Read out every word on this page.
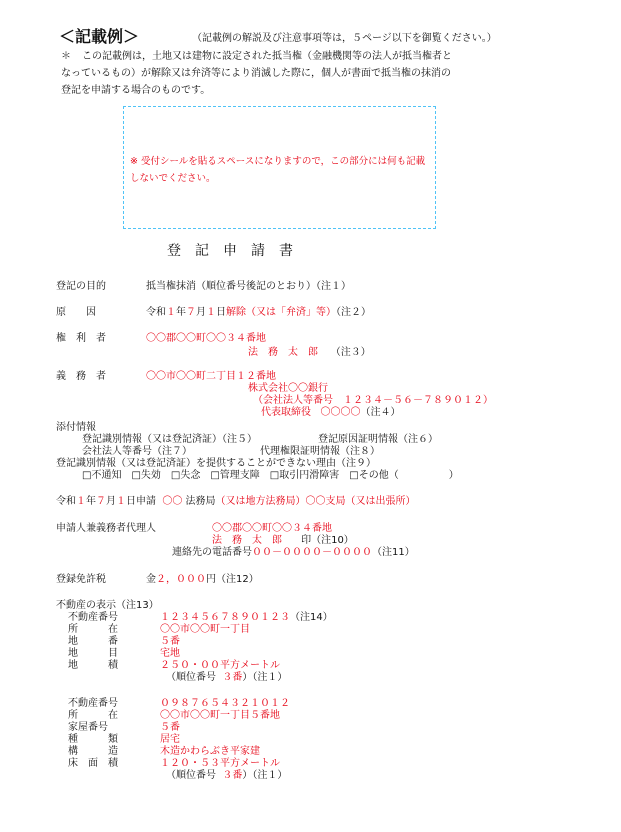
＜記載例＞	（記載例の解説及び注意事項等は，５ページ以下を御覧ください。）
＊ この記載例は，土地又は建物に設定された抵当権（金融機関等の法人が抵当権者と
なっているもの）が解除又は弁済等により消滅した際に，個人が書面で抵当権の抹消の
登記を申請する場合のものです。
※ 受付シールを貼るスペースになりますので，この部分には何も記載しないでください。
登記申請書
登記の目的	抵当権抹消（順位番号後記のとおり）（注１）
原　　因	令和１年７月１日解除（又は「弁済」等）（注２）
権　利　者	〇〇郡〇〇町〇〇３４番地
法　務　太　郎 （注３）
義　務　者	〇〇市〇〇町二丁目１２番地
株式会社〇〇銀行
（会社法人等番号　１２３４－５６－７８９０１２）
代表取締役 〇〇〇〇（注４）
添付情報
登記識別情報（又は登記済証）（注５）	登記原因証明情報（注６）
会社法人等番号（注７）	代理権限証明情報（注８）
登記識別情報（又は登記済証）を提供することができない理由（注９）
□不通知　□失効　□失念　□管理支障　□取引円滑障害　□その他（　　　　　）
令和１年７月１日申請 〇〇 法務局（又は地方法務局）〇〇支局（又は出張所）
申請人兼義務者代理人	〇〇郡〇〇町〇〇３４番地
法　務　太　郎 印（注10）
連絡先の電話番号００－００００－００００（注11）
登録免許税	金２，０００円（注12）
不動産の表示（注13）
不動産番号	１２３４５６７８９０１２３（注14）
所　　　在	〇〇市〇〇町一丁目
地　　　番	５番
地　　　目	宅地
地　　　積	２５０・００平方メートル
（順位番号 ３番）（注１）
不動産番号	０９８７６５４３２１０１２
所　　　在	〇〇市〇〇町一丁目５番地
家屋番号	５番
種　　　類	居宅
構　　　造	木造かわらぶき平家建
床　面　積	１２０・５３平方メートル
（順位番号 ３番）（注１）
